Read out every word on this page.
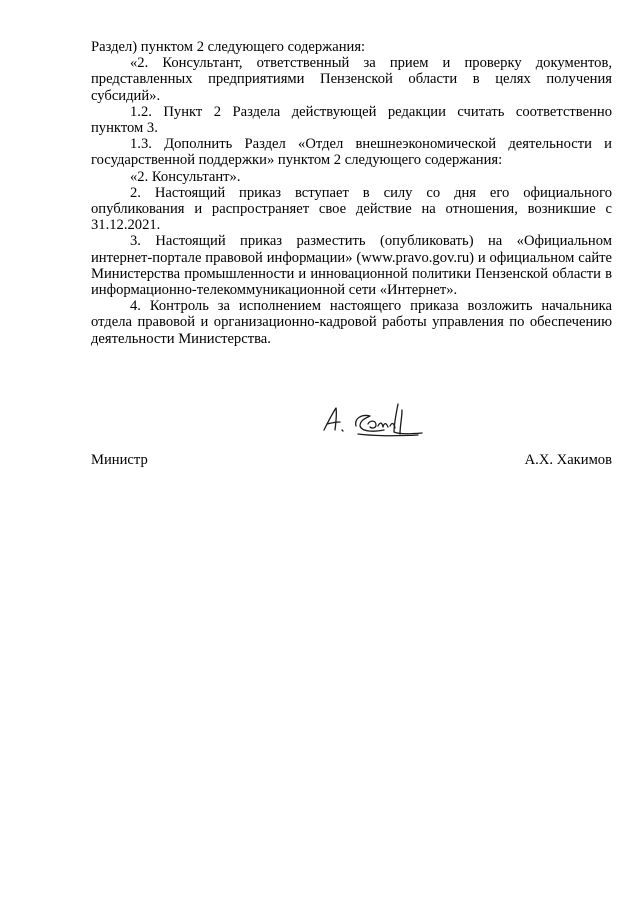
Раздел) пунктом 2 следующего содержания:

«2. Консультант, ответственный за прием и проверку документов, представленных предприятиями Пензенской области в целях получения субсидий».

1.2. Пункт 2 Раздела действующей редакции считать соответственно пунктом 3.

1.3. Дополнить Раздел «Отдел внешнеэкономической деятельности и государственной поддержки» пунктом 2 следующего содержания:

«2. Консультант».

2. Настоящий приказ вступает в силу со дня его официального опубликования и распространяет свое действие на отношения, возникшие с 31.12.2021.

3. Настоящий приказ разместить (опубликовать) на «Официальном интернет-портале правовой информации» (www.pravo.gov.ru) и официальном сайте Министерства промышленности и инновационной политики Пензенской области в информационно-телекоммуникационной сети «Интернет».

4. Контроль за исполнением настоящего приказа возложить начальника отдела правовой и организационно-кадровой работы управления по обеспечению деятельности Министерства.

Министр	А.Х. Хакимов
